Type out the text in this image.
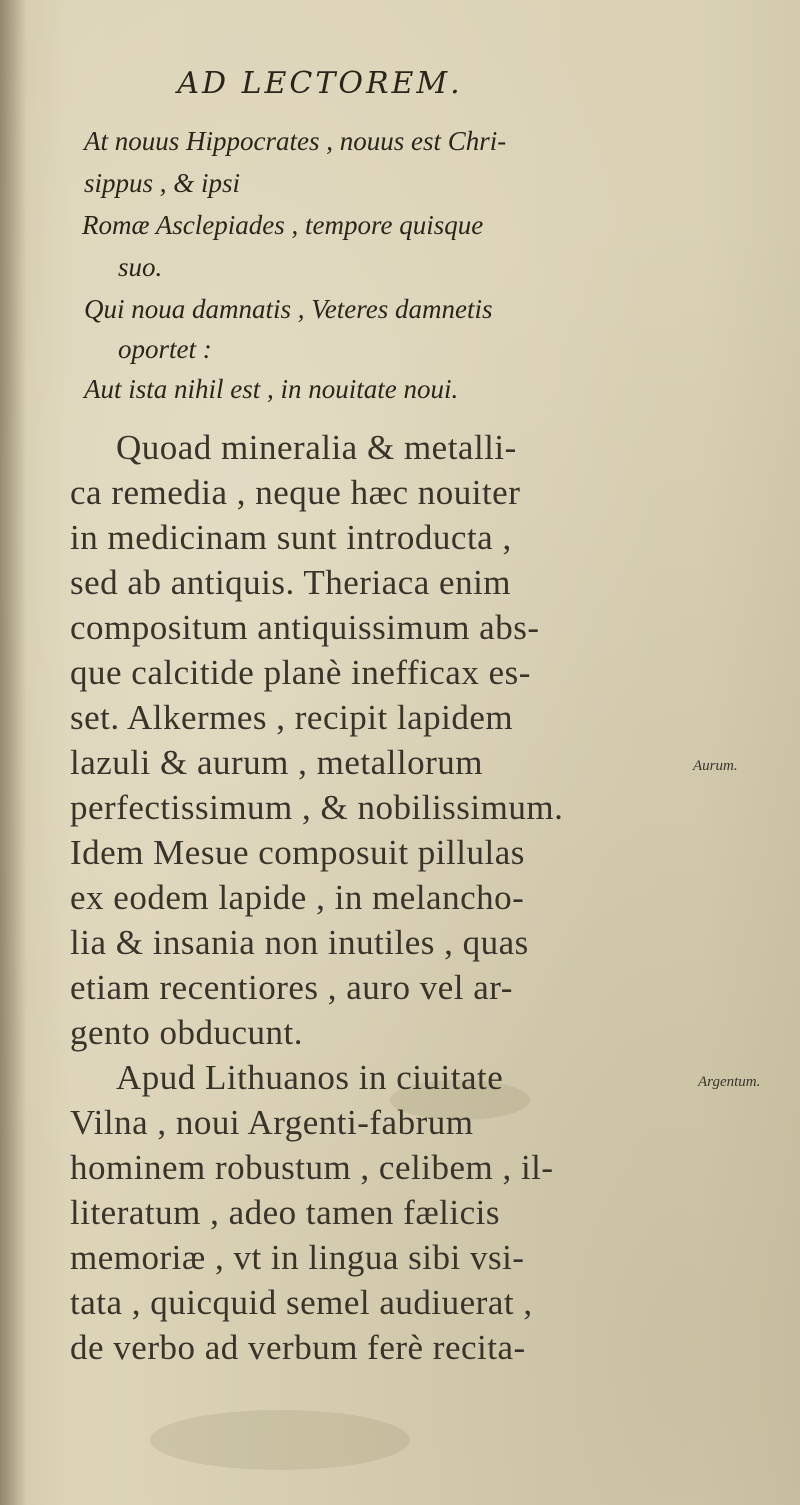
AD LECTOREM.
At nouus Hippocrates , nouus est Chri-
sippus , & ipsi
Romæ Asclepiades , tempore quisque
suo.
Qui noua damnatis , Veteres damnetis
oportet :
Aut ista nihil est , in nouitate noui.
Quoad mineralia & metalli-
ca remedia , neque hæc nouiter
in medicinam sunt introducta ,
sed ab antiquis. Theriaca enim
compositum antiquissimum abs-
que calcitide planè inefficax es-
set. Alkermes , recipit lapidem
lazuli & aurum , metallorum
perfectissimum , & nobilissimum.
Idem Mesue composuit pillulas
ex eodem lapide , in melancho-
lia & insania non inutiles , quas
etiam recentiores , auro vel ar-
gento obducunt.
Apud Lithuanos in ciuitate
Vilna , noui Argenti-fabrum
hominem robustum , celibem , il-
literatum , adeo tamen fælicis
memoriæ , vt in lingua sibi vsi-
tata , quicquid semel audiuerat ,
de verbo ad verbum ferè recita-
Aurum.
Argentum.
